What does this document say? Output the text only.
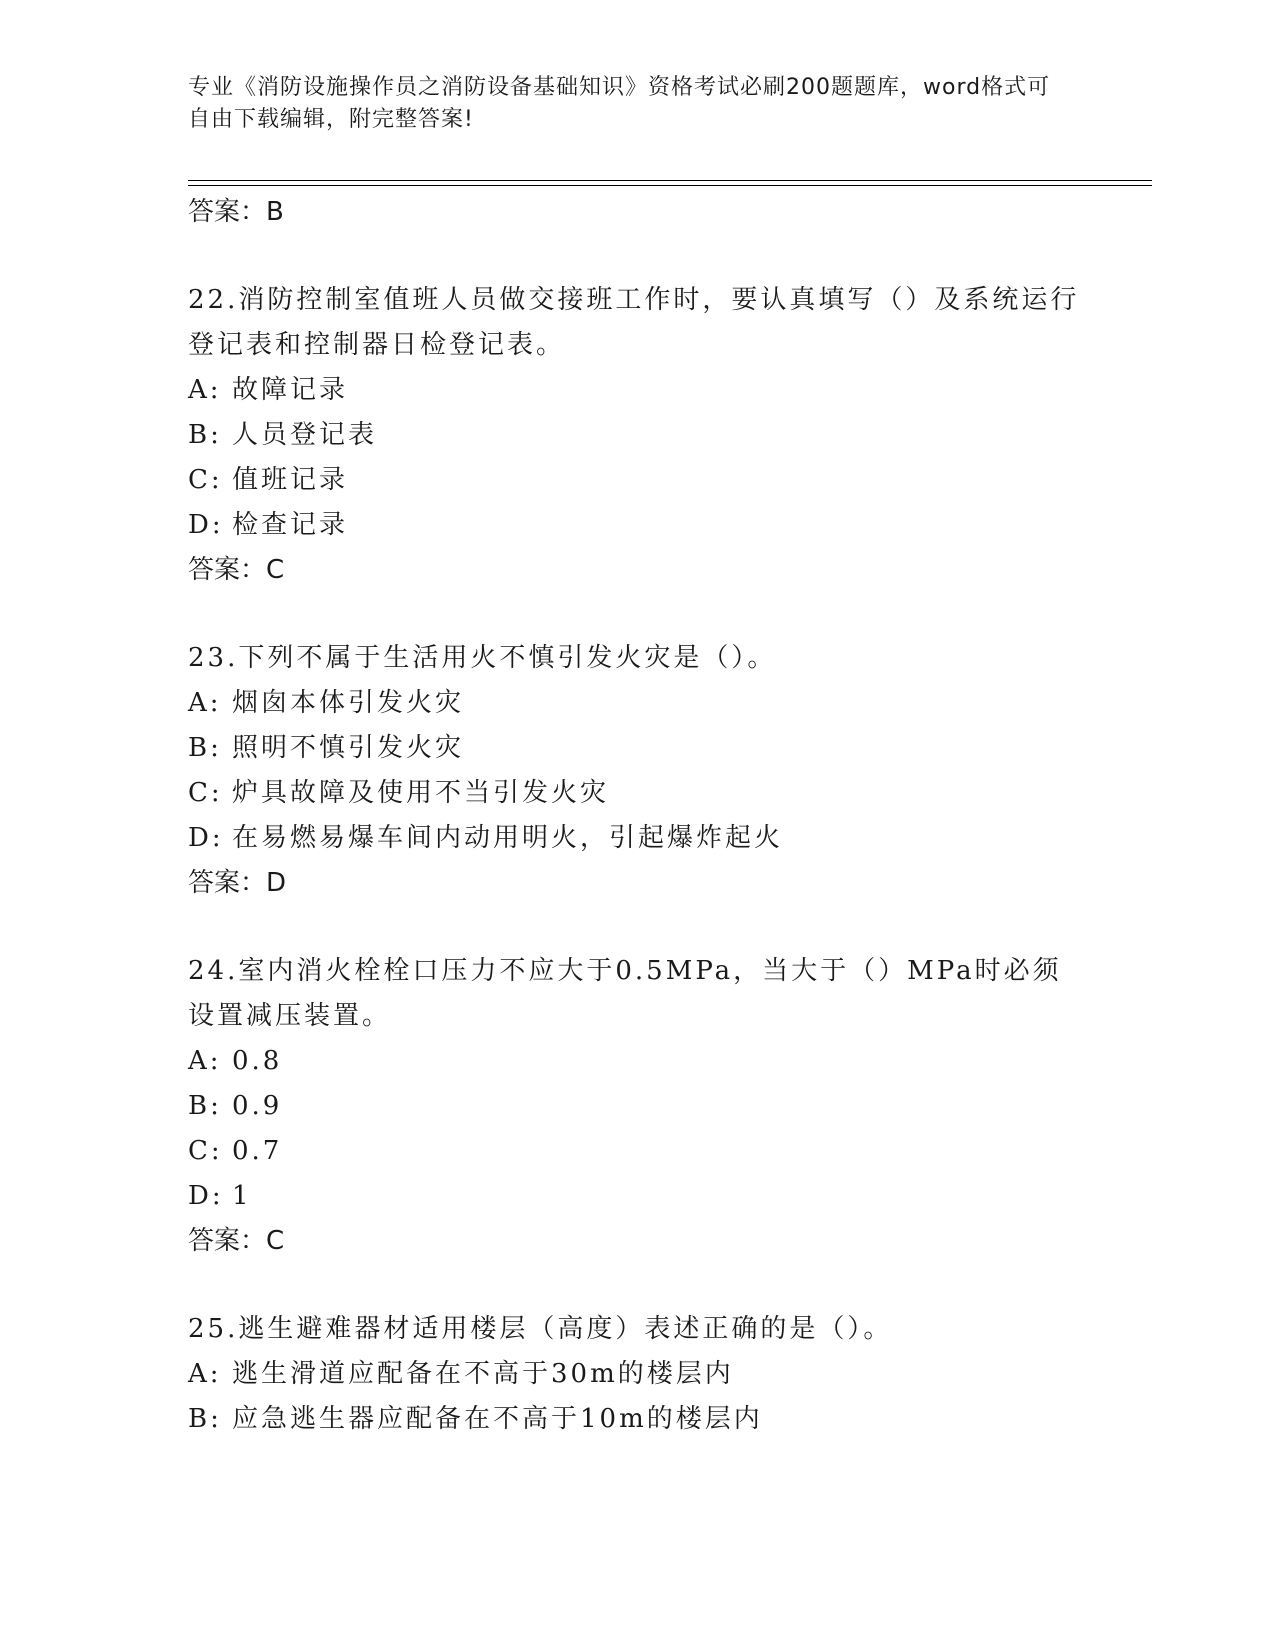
专业《消防设施操作员之消防设备基础知识》资格考试必刷200题题库，word格式可自由下载编辑，附完整答案!
答案：B
22.消防控制室值班人员做交接班工作时，要认真填写（）及系统运行登记表和控制器日检登记表。
A: 故障记录
B: 人员登记表
C: 值班记录
D: 检查记录
答案：C
23.下列不属于生活用火不慎引发火灾是（）。
A: 烟囱本体引发火灾
B: 照明不慎引发火灾
C: 炉具故障及使用不当引发火灾
D: 在易燃易爆车间内动用明火，引起爆炸起火
答案：D
24.室内消火栓栓口压力不应大于0.5MPa，当大于（）MPa时必须设置减压装置。
A: 0.8
B: 0.9
C: 0.7
D: 1
答案：C
25.逃生避难器材适用楼层（高度）表述正确的是（）。
A: 逃生滑道应配备在不高于30m的楼层内
B: 应急逃生器应配备在不高于10m的楼层内
